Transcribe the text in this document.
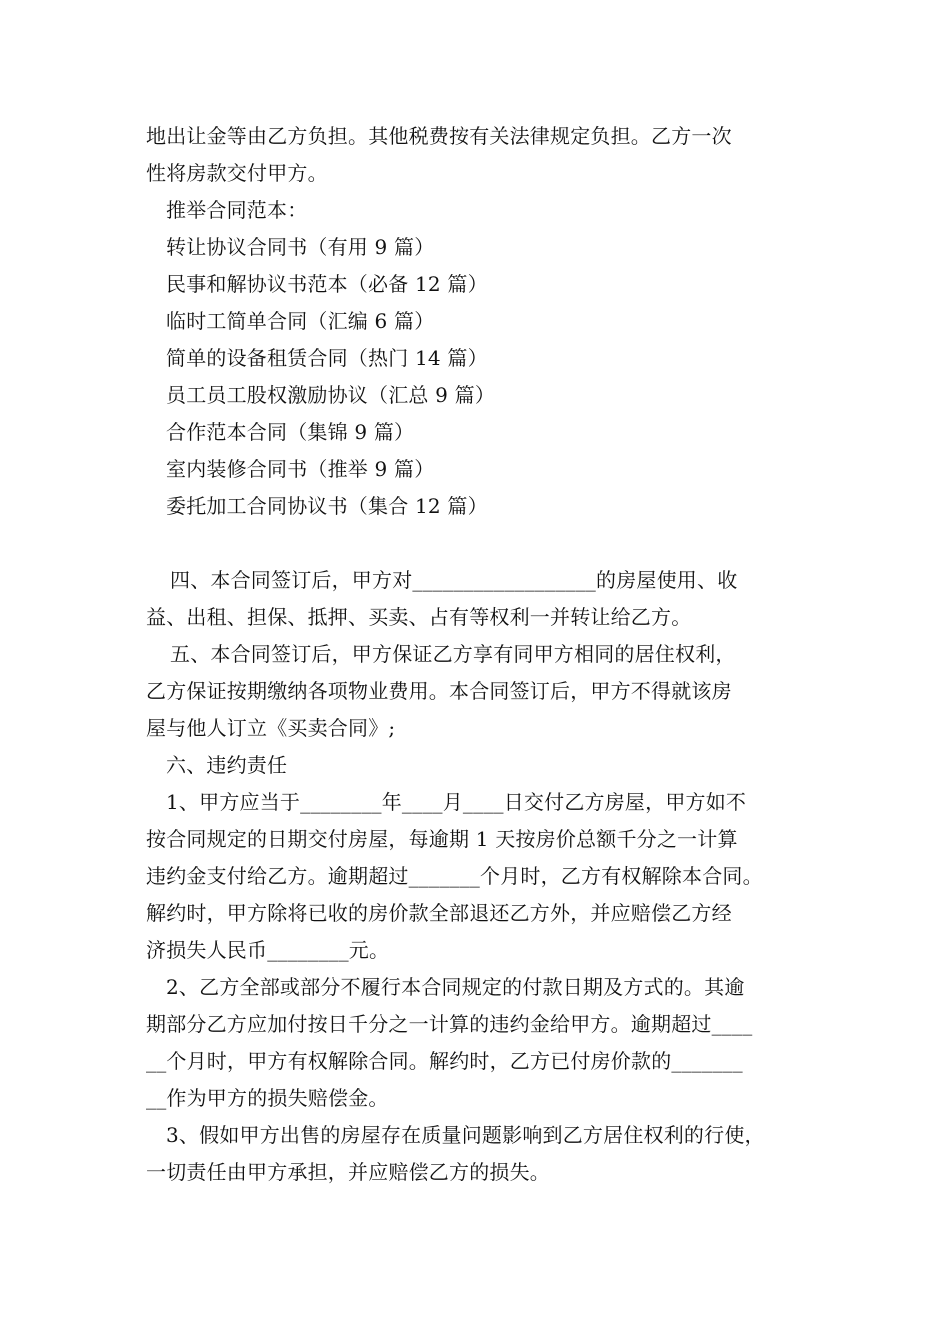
地出让金等由乙方负担。其他税费按有关法律规定负担。乙方一次
性将房款交付甲方。
推举合同范本：
转让协议合同书（有用 9 篇）
民事和解协议书范本（必备 12 篇）
临时工简单合同（汇编 6 篇）
简单的设备租赁合同（热门 14 篇）
员工员工股权激励协议（汇总 9 篇）
合作范本合同（集锦 9 篇）
室内装修合同书（推举 9 篇）
委托加工合同协议书（集合 12 篇）
四、本合同签订后，甲方对__________________的房屋使用、收
益、出租、担保、抵押、买卖、占有等权利一并转让给乙方。
五、本合同签订后，甲方保证乙方享有同甲方相同的居住权利，
乙方保证按期缴纳各项物业费用。本合同签订后，甲方不得就该房
屋与他人订立《买卖合同》;
六、违约责任
1、甲方应当于________年____月____日交付乙方房屋，甲方如不
按合同规定的日期交付房屋，每逾期 1 天按房价总额千分之一计算
违约金支付给乙方。逾期超过_______个月时，乙方有权解除本合同。
解约时，甲方除将已收的房价款全部退还乙方外，并应赔偿乙方经
济损失人民币________元。
2、乙方全部或部分不履行本合同规定的付款日期及方式的。其逾
期部分乙方应加付按日千分之一计算的违约金给甲方。逾期超过____
__个月时，甲方有权解除合同。解约时，乙方已付房价款的_______
__作为甲方的损失赔偿金。
3、假如甲方出售的房屋存在质量问题影响到乙方居住权利的行使，
一切责任由甲方承担，并应赔偿乙方的损失。
